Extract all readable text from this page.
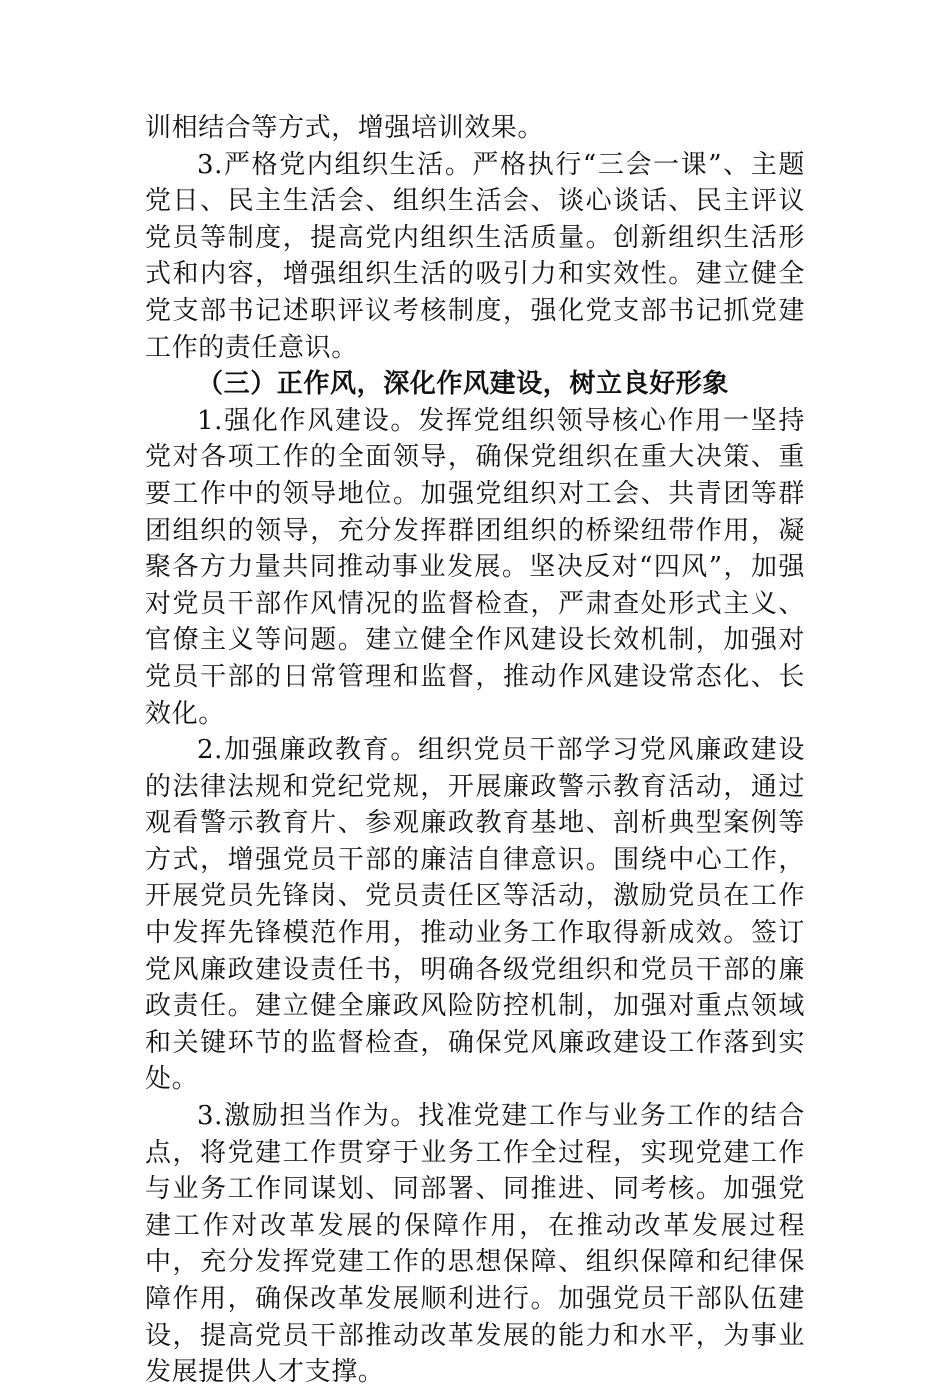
训相结合等方式，增强培训效果。

3.严格党内组织生活。严格执行“三会一课”、主题党日、民主生活会、组织生活会、谈心谈话、民主评议党员等制度，提高党内组织生活质量。创新组织生活形式和内容，增强组织生活的吸引力和实效性。建立健全党支部书记述职评议考核制度，强化党支部书记抓党建工作的责任意识。

（三）正作风，深化作风建设，树立良好形象

1.强化作风建设。发挥党组织领导核心作用一坚持党对各项工作的全面领导，确保党组织在重大决策、重要工作中的领导地位。加强党组织对工会、共青团等群团组织的领导，充分发挥群团组织的桥梁纽带作用，凝聚各方力量共同推动事业发展。坚决反对“四风”，加强对党员干部作风情况的监督检查，严肃查处形式主义、官僚主义等问题。建立健全作风建设长效机制，加强对党员干部的日常管理和监督，推动作风建设常态化、长效化。

2.加强廉政教育。组织党员干部学习党风廉政建设的法律法规和党纪党规，开展廉政警示教育活动，通过观看警示教育片、参观廉政教育基地、剖析典型案例等方式，增强党员干部的廉洁自律意识。围绕中心工作，开展党员先锋岗、党员责任区等活动，激励党员在工作中发挥先锋模范作用，推动业务工作取得新成效。签订党风廉政建设责任书，明确各级党组织和党员干部的廉政责任。建立健全廉政风险防控机制，加强对重点领域和关键环节的监督检查，确保党风廉政建设工作落到实处。

3.激励担当作为。找准党建工作与业务工作的结合点，将党建工作贯穿于业务工作全过程，实现党建工作与业务工作同谋划、同部署、同推进、同考核。加强党建工作对改革发展的保障作用，在推动改革发展过程中，充分发挥党建工作的思想保障、组织保障和纪律保障作用，确保改革发展顺利进行。加强党员干部队伍建设，提高党员干部推动改革发展的能力和水平，为事业发展提供人才支撑。
